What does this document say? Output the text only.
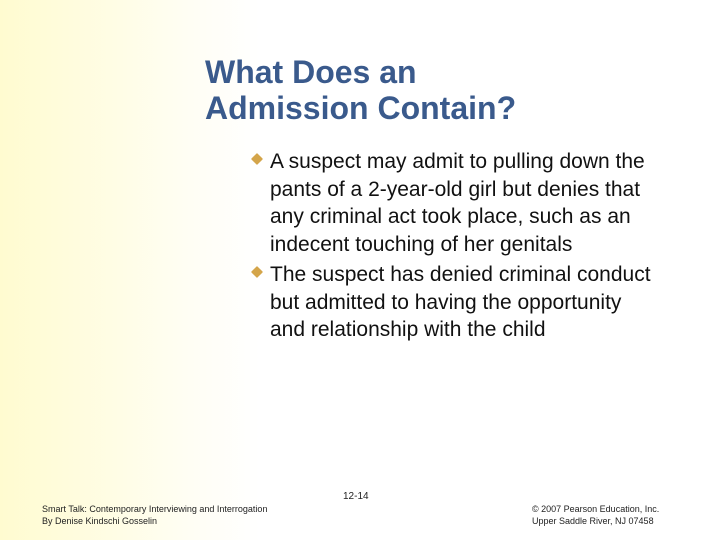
What Does an
Admission Contain?
A suspect may admit to pulling down the pants of a 2-year-old girl but denies that any criminal act took place, such as an indecent touching of her genitals
The suspect has denied criminal conduct but admitted to having the opportunity and relationship with the child
Smart Talk: Contemporary Interviewing and Interrogation
By Denise Kindschi Gosselin
12-14
© 2007 Pearson Education, Inc.
Upper Saddle River, NJ 07458
